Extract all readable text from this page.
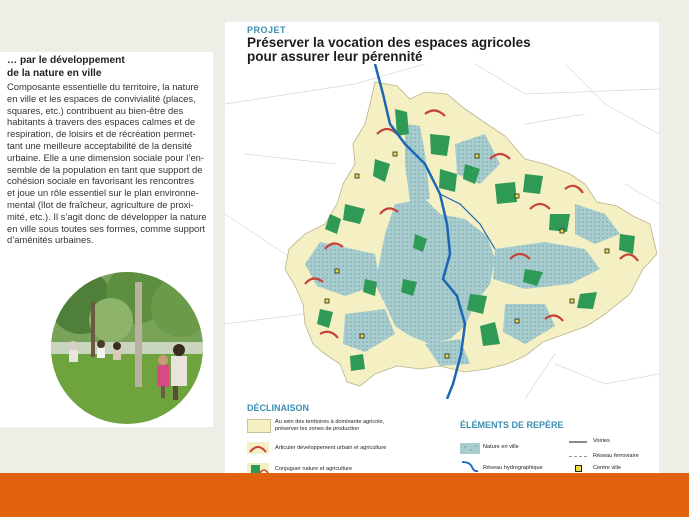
… par le développement
de la nature en ville
Composante essentielle du territoire, la nature
en ville et les espaces de convivialité (places,
squares, etc.) contribuent au bien-être des
habitants à travers des espaces calmes et de
respiration, de loisirs et de récréation permet-
tant une meilleure acceptabilité de la densité
urbaine. Elle a une dimension sociale pour l’en-
semble de la population en tant que support de
cohésion sociale en favorisant les rencontres
et joue un rôle essentiel sur le plan environne-
mental (îlot de fraîcheur, agriculture de proxi-
mité, etc.). Il s’agit donc de développer la nature
en ville sous toutes ses formes, comme support
d’aménités urbaines.
PROJET
Préserver la vocation des espaces agricoles
pour assurer leur pérennité
DÉCLINAISON
ÉLÉMENTS DE REPÈRE
Au sein des territoires à dominante agricole,
préserver les zones de production
Articuler développement urbain et agriculture
Conjuguer nature et agriculture
Nature en ville
Réseau hydrographique
Voiries
Réseau ferroviaire
Centre ville
